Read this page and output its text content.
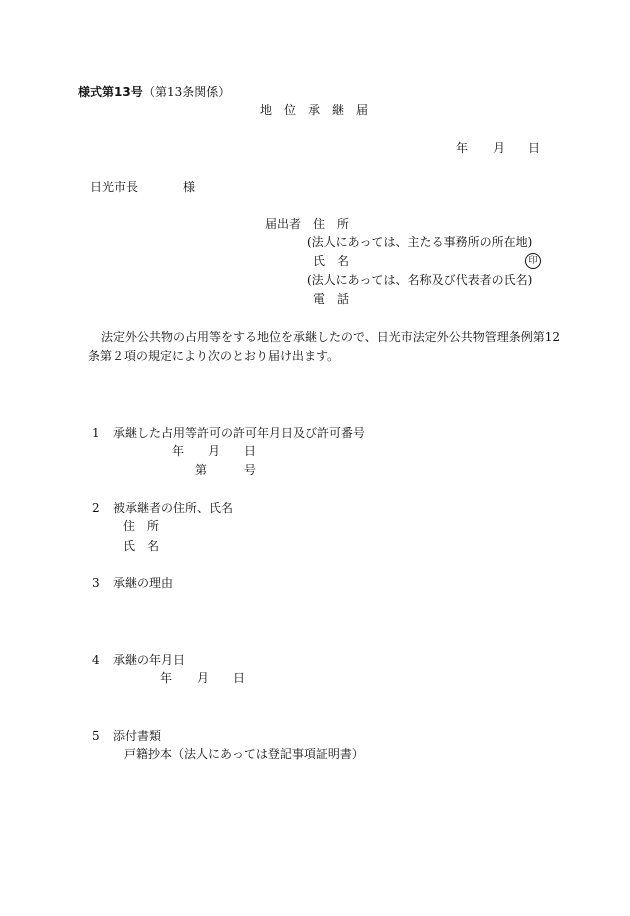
様式第13号 （第13条関係）
地　位　承　継　届
年 月 日
日光市長	様
届出者 住　所
(法人にあっては、主たる事務所の所在地)
氏　名	印
(法人にあっては、名称及び代表者の氏名)
電　話
法定外公共物の占用等をする地位を承継したので、日光市法定外公共物管理条例第12
条第２項の規定により次のとおり届け出ます。
1 承継した占用等許可の許可年月日及び許可番号
年 月 日
第	号
2 被承継者の住所、氏名
住　所
氏　名
3 承継の理由
4 承継の年月日
年 月 日
5 添付書類
戸籍抄本（法人にあっては登記事項証明書）
